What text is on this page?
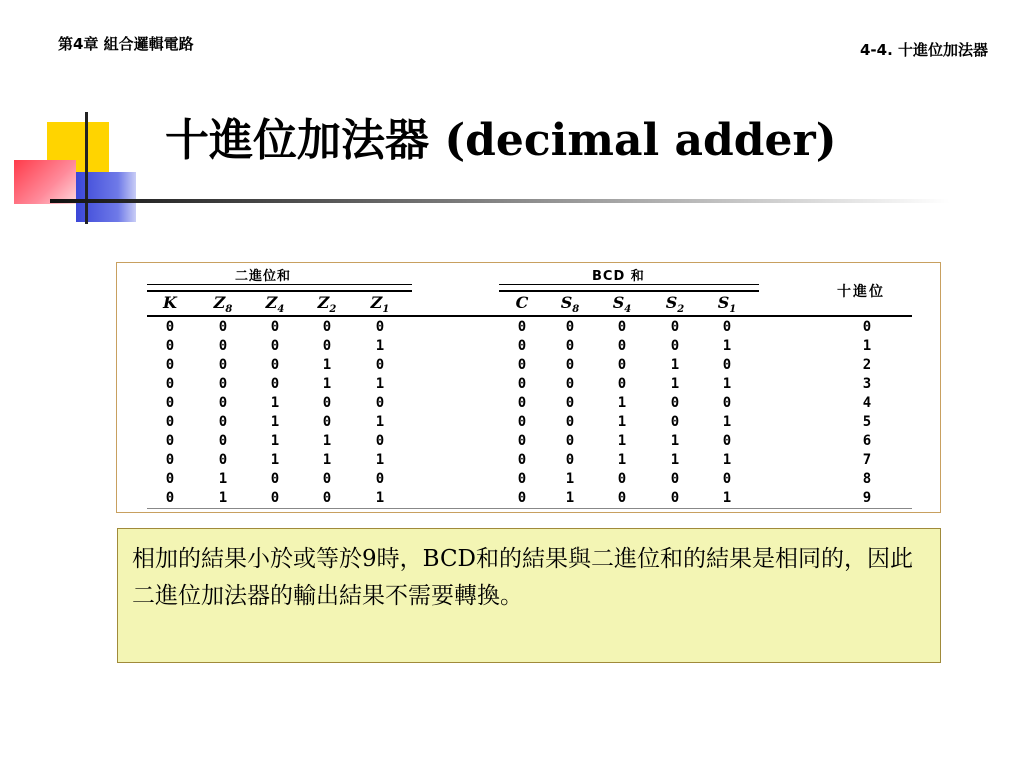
第4章 組合邏輯電路	4-4. 十進位加法器
十進位加法器 (decimal adder)
二進位和	BCD 和
十進位
K	$Z_8$	$Z_4$	$Z_2$	$Z_1$	C	$S_8$	$S_4$	$S_2$	$S_1$
0	0	0	0	0	0	0	0	0	0	0
0	0	0	0	1	0	0	0	0	1	1
0	0	0	1	0	0	0	0	1	0	2
0	0	0	1	1	0	0	0	1	1	3
0	0	1	0	0	0	0	1	0	0	4
0	0	1	0	1	0	0	1	0	1	5
0	0	1	1	0	0	0	1	1	0	6
0	0	1	1	1	0	0	1	1	1	7
0	1	0	0	0	0	1	0	0	0	8
0	1	0	0	1	0	1	0	0	1	9
相加的結果小於或等於9時，BCD和的結果與二進位和的結果是相同的，因此二進位加法器的輸出結果不需要轉換。
